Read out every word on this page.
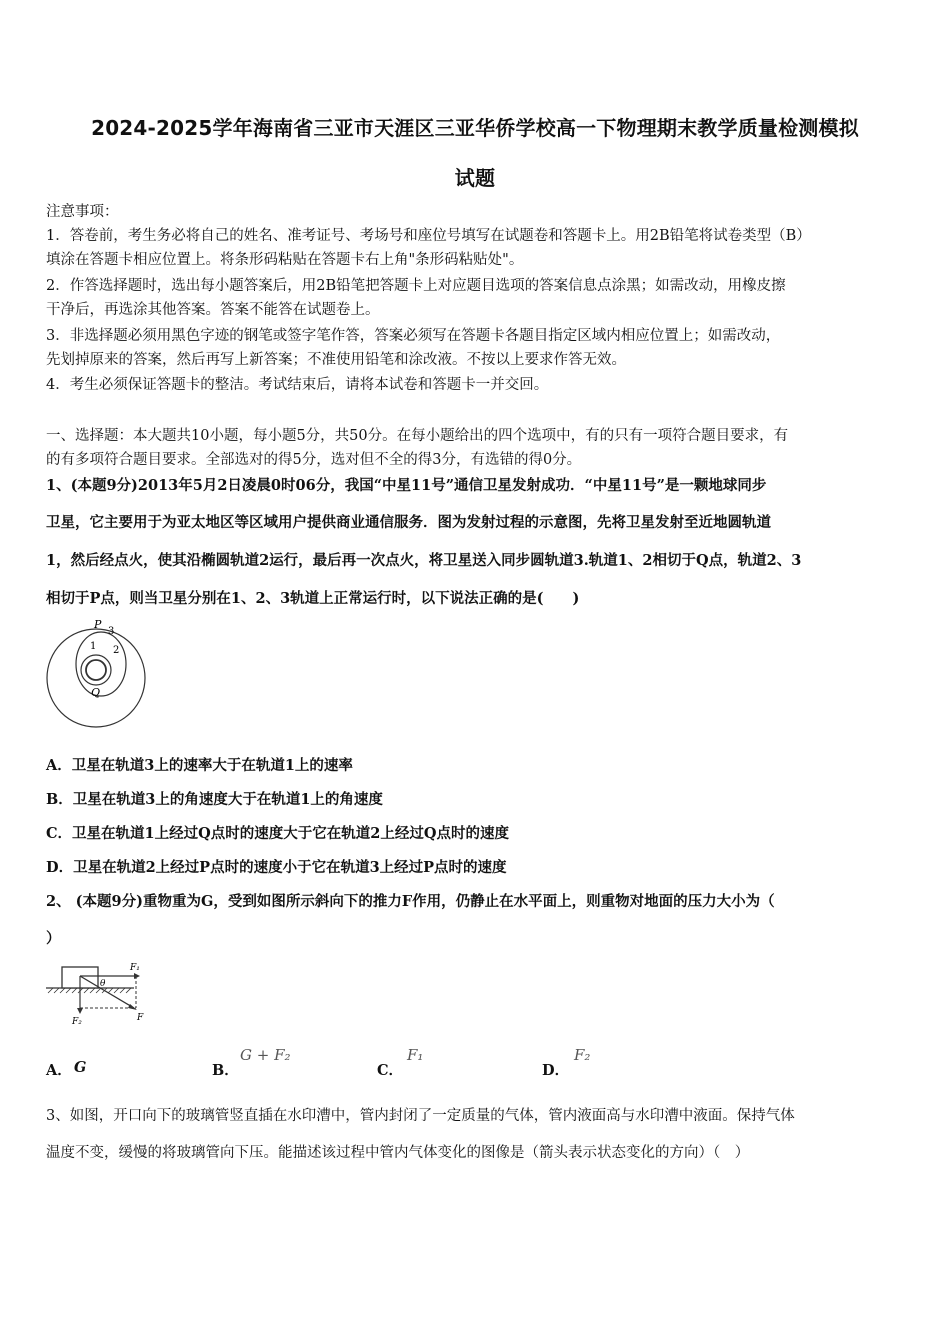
2024-2025学年海南省三亚市天涯区三亚华侨学校高一下物理期末教学质量检测模拟
试题
注意事项：
1．答卷前，考生务必将自己的姓名、准考证号、考场号和座位号填写在试题卷和答题卡上。用2B铅笔将试卷类型（B）
填涂在答题卡相应位置上。将条形码粘贴在答题卡右上角"条形码粘贴处"。
2．作答选择题时，选出每小题答案后，用2B铅笔把答题卡上对应题目选项的答案信息点涂黑；如需改动，用橡皮擦
干净后，再选涂其他答案。答案不能答在试题卷上。
3．非选择题必须用黑色字迹的钢笔或签字笔作答，答案必须写在答题卡各题目指定区域内相应位置上；如需改动，
先划掉原来的答案，然后再写上新答案；不准使用铅笔和涂改液。不按以上要求作答无效。
4．考生必须保证答题卡的整洁。考试结束后，请将本试卷和答题卡一并交回。
一、选择题：本大题共10小题，每小题5分，共50分。在每小题给出的四个选项中，有的只有一项符合题目要求，有
的有多项符合题目要求。全部选对的得5分，选对但不全的得3分，有选错的得0分。
1、(本题9分)2013年5月2日凌晨0时06分，我国“中星11号”通信卫星发射成功．“中星11号”是一颗地球同步
卫星，它主要用于为亚太地区等区域用户提供商业通信服务．图为发射过程的示意图，先将卫星发射至近地圆轨道
1，然后经点火，使其沿椭圆轨道2运行，最后再一次点火，将卫星送入同步圆轨道3.轨道1、2相切于Q点，轨道2、3
相切于P点，则当卫星分别在1、2、3轨道上正常运行时，以下说法正确的是(　　)
P
3
2
1
Q
A．卫星在轨道3上的速率大于在轨道1上的速率
B．卫星在轨道3上的角速度大于在轨道1上的角速度
C．卫星在轨道1上经过Q点时的速度大于它在轨道2上经过Q点时的速度
D．卫星在轨道2上经过P点时的速度小于它在轨道3上经过P点时的速度
2、 (本题9分)重物重为G，受到如图所示斜向下的推力F作用，仍静止在水平面上，则重物对地面的压力大小为（
）
F₁
θ
F₂	F
A． G	B．
G + F₂
C．
F₁
D．
F₂
3、如图，开口向下的玻璃管竖直插在水印漕中，管内封闭了一定质量的气体，管内液面高与水印漕中液面。保持气体
温度不变，缓慢的将玻璃管向下压。能描述该过程中管内气体变化的图像是（箭头表示状态变化的方向）（　）
